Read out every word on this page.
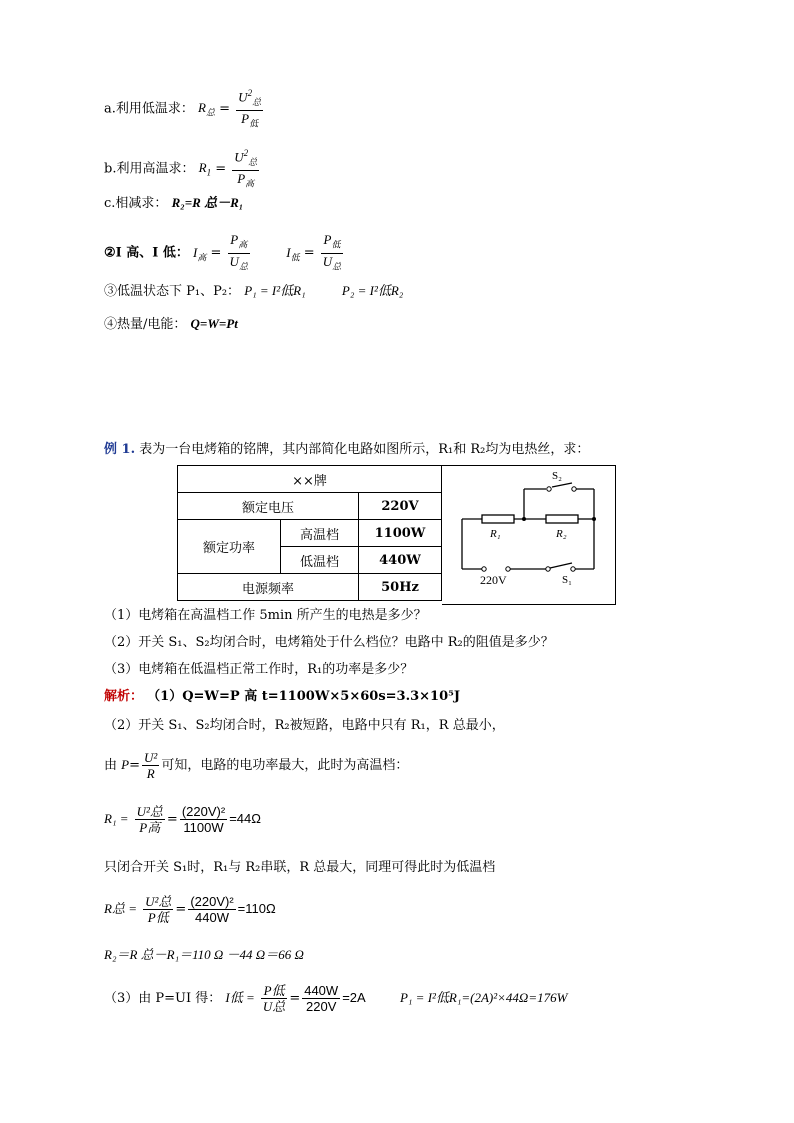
a.利用低温求： $R_总 = \frac{U^2_总}{P_低}$
b.利用高温求： $R_1 = \frac{U^2_总}{P_高}$
c.相减求： R₂=R 总－R₁
②I 高、I 低： $I_高 = \frac{P_高}{U_总}$	$I_低 = \frac{P_低}{U_总}$
③低温状态下 P₁、P₂： P₁ = I²低R₁	P₂ = I²低R₂
④热量/电能： Q=W=Pt
例 1. 表为一台电烤箱的铭牌，其内部简化电路如图所示，R₁和 R₂均为电热丝，求：
××牌		
额定电压		220V
额定功率	高温档	1100W
	低温档	440W
电源频率		50Hz
S₂
R₁	R₂
220V	S₁
（1）电烤箱在高温档工作 5min 所产生的电热是多少？
（2）开关 S₁、S₂均闭合时，电烤箱处于什么档位？电路中 R₂的阻值是多少？
（3）电烤箱在低温档正常工作时，R₁的功率是多少？
解析： （1）Q=W=P 高 t=1100W×5×60s=3.3×10⁵J
（2）开关 S₁、S₂均闭合时，R₂被短路，电路中只有 R₁，R 总最小，
由 $P= \frac{\text{U²}}{R}$ 可知，电路的电功率最大，此时为高温档：
$R_1 = \frac{\text{U²总}}{\text{P高}} = \frac{\text{(220V)²}}{1100W} =44\Omega$
只闭合开关 S₁时，R₁与 R₂串联，R 总最大，同理可得此时为低温档
R总 = $\frac{\text{U²总}}{\text{P低}} = \frac{\text{(220V)²}}{440W} =110\Omega$
R₂＝R 总－R₁＝110 Ω －44 Ω＝66 Ω
（3）由 P=UI 得： I低 = $\frac{\text{P低}}{\text{U总}} = \frac{440W}{220V} =2A$	P₁ = I²低R₁=(2A)²×44Ω=176W
